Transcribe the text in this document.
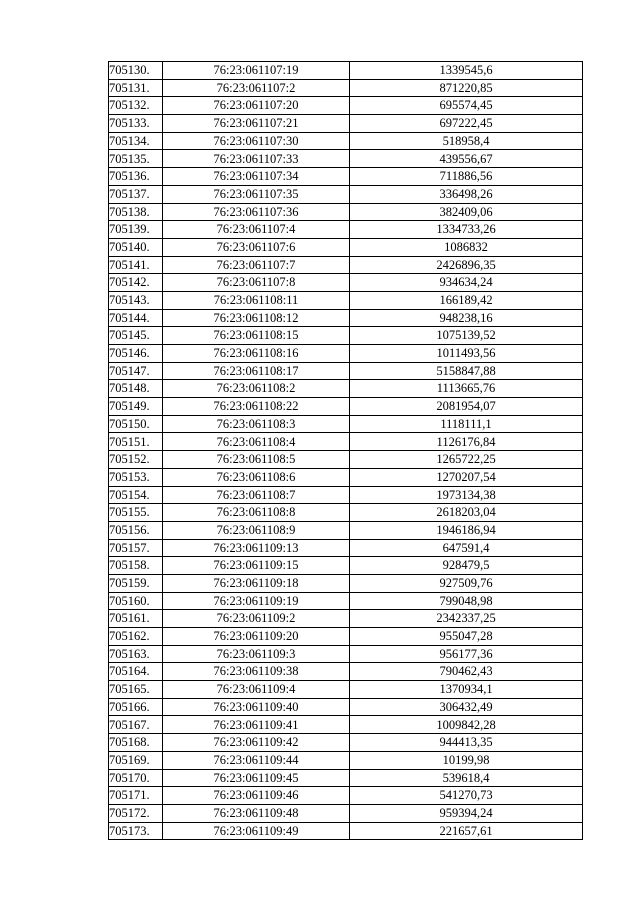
705130.	76:23:061107:19	1339545,6
705131.	76:23:061107:2	871220,85
705132.	76:23:061107:20	695574,45
705133.	76:23:061107:21	697222,45
705134.	76:23:061107:30	518958,4
705135.	76:23:061107:33	439556,67
705136.	76:23:061107:34	711886,56
705137.	76:23:061107:35	336498,26
705138.	76:23:061107:36	382409,06
705139.	76:23:061107:4	1334733,26
705140.	76:23:061107:6	1086832
705141.	76:23:061107:7	2426896,35
705142.	76:23:061107:8	934634,24
705143.	76:23:061108:11	166189,42
705144.	76:23:061108:12	948238,16
705145.	76:23:061108:15	1075139,52
705146.	76:23:061108:16	1011493,56
705147.	76:23:061108:17	5158847,88
705148.	76:23:061108:2	1113665,76
705149.	76:23:061108:22	2081954,07
705150.	76:23:061108:3	1118111,1
705151.	76:23:061108:4	1126176,84
705152.	76:23:061108:5	1265722,25
705153.	76:23:061108:6	1270207,54
705154.	76:23:061108:7	1973134,38
705155.	76:23:061108:8	2618203,04
705156.	76:23:061108:9	1946186,94
705157.	76:23:061109:13	647591,4
705158.	76:23:061109:15	928479,5
705159.	76:23:061109:18	927509,76
705160.	76:23:061109:19	799048,98
705161.	76:23:061109:2	2342337,25
705162.	76:23:061109:20	955047,28
705163.	76:23:061109:3	956177,36
705164.	76:23:061109:38	790462,43
705165.	76:23:061109:4	1370934,1
705166.	76:23:061109:40	306432,49
705167.	76:23:061109:41	1009842,28
705168.	76:23:061109:42	944413,35
705169.	76:23:061109:44	10199,98
705170.	76:23:061109:45	539618,4
705171.	76:23:061109:46	541270,73
705172.	76:23:061109:48	959394,24
705173.	76:23:061109:49	221657,61
